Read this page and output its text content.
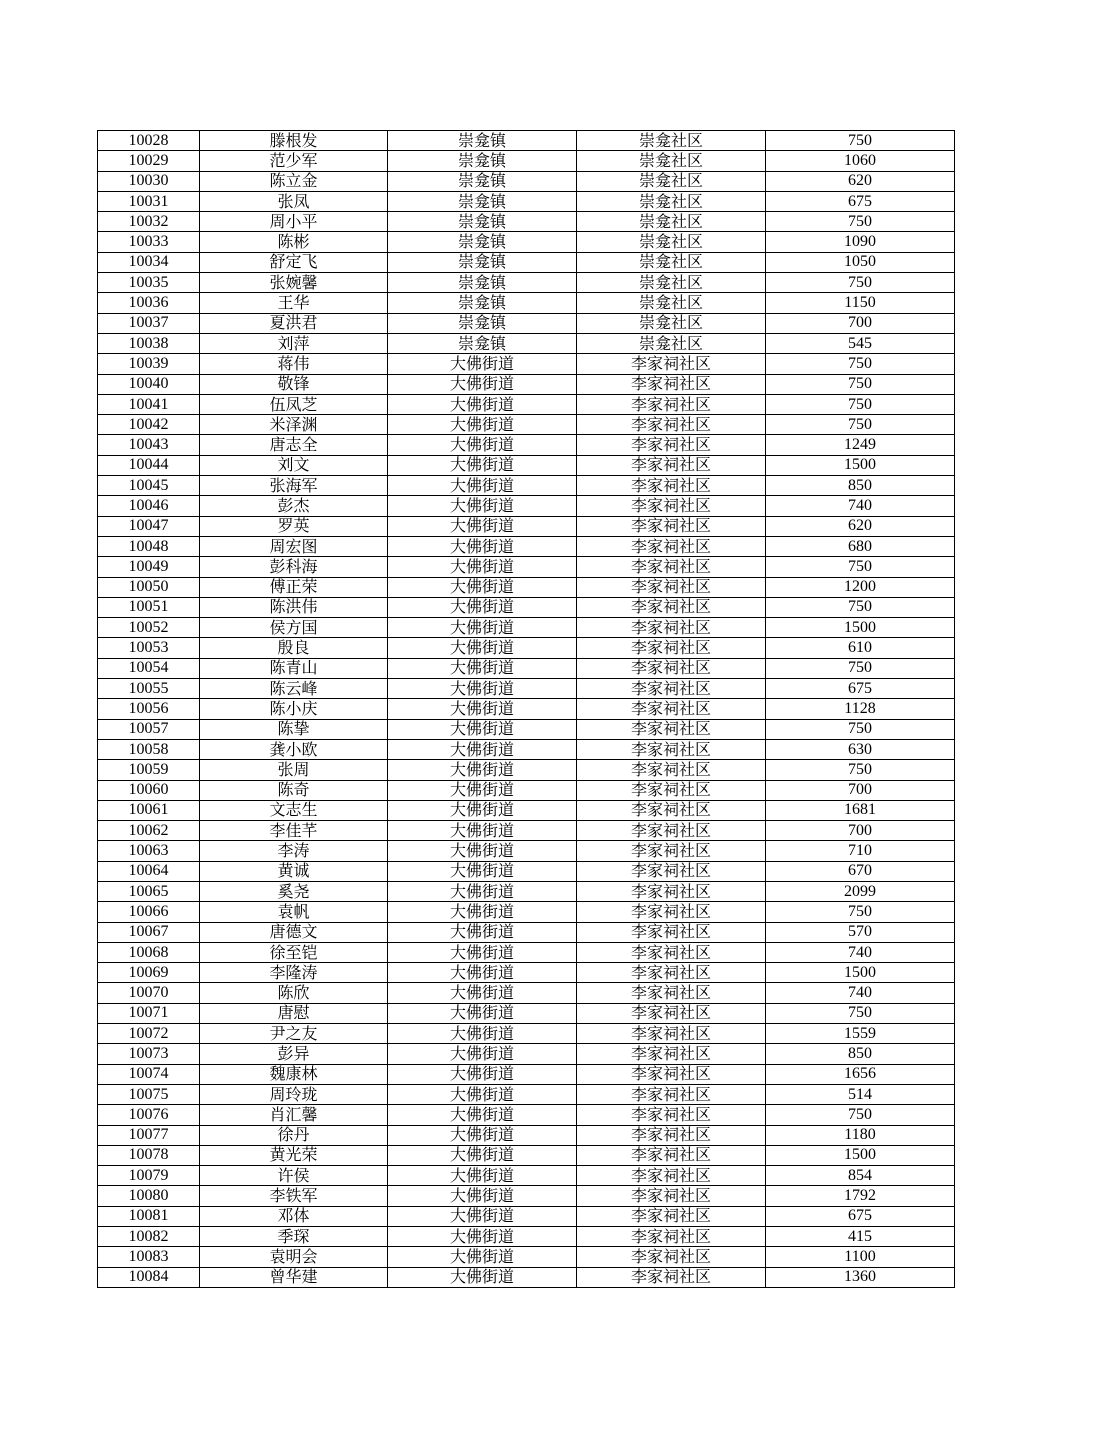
10028	滕根发	崇龛镇	崇龛社区	750
10029	范少军	崇龛镇	崇龛社区	1060
10030	陈立金	崇龛镇	崇龛社区	620
10031	张凤	崇龛镇	崇龛社区	675
10032	周小平	崇龛镇	崇龛社区	750
10033	陈彬	崇龛镇	崇龛社区	1090
10034	舒定飞	崇龛镇	崇龛社区	1050
10035	张婉馨	崇龛镇	崇龛社区	750
10036	王华	崇龛镇	崇龛社区	1150
10037	夏洪君	崇龛镇	崇龛社区	700
10038	刘萍	崇龛镇	崇龛社区	545
10039	蒋伟	大佛街道	李家祠社区	750
10040	敬锋	大佛街道	李家祠社区	750
10041	伍凤芝	大佛街道	李家祠社区	750
10042	米泽渊	大佛街道	李家祠社区	750
10043	唐志全	大佛街道	李家祠社区	1249
10044	刘文	大佛街道	李家祠社区	1500
10045	张海军	大佛街道	李家祠社区	850
10046	彭杰	大佛街道	李家祠社区	740
10047	罗英	大佛街道	李家祠社区	620
10048	周宏图	大佛街道	李家祠社区	680
10049	彭科海	大佛街道	李家祠社区	750
10050	傅正荣	大佛街道	李家祠社区	1200
10051	陈洪伟	大佛街道	李家祠社区	750
10052	侯方国	大佛街道	李家祠社区	1500
10053	殷良	大佛街道	李家祠社区	610
10054	陈青山	大佛街道	李家祠社区	750
10055	陈云峰	大佛街道	李家祠社区	675
10056	陈小庆	大佛街道	李家祠社区	1128
10057	陈挚	大佛街道	李家祠社区	750
10058	龚小欧	大佛街道	李家祠社区	630
10059	张周	大佛街道	李家祠社区	750
10060	陈奇	大佛街道	李家祠社区	700
10061	文志生	大佛街道	李家祠社区	1681
10062	李佳芊	大佛街道	李家祠社区	700
10063	李涛	大佛街道	李家祠社区	710
10064	黄诚	大佛街道	李家祠社区	670
10065	奚尧	大佛街道	李家祠社区	2099
10066	袁帆	大佛街道	李家祠社区	750
10067	唐德文	大佛街道	李家祠社区	570
10068	徐至铠	大佛街道	李家祠社区	740
10069	李隆涛	大佛街道	李家祠社区	1500
10070	陈欣	大佛街道	李家祠社区	740
10071	唐慰	大佛街道	李家祠社区	750
10072	尹之友	大佛街道	李家祠社区	1559
10073	彭异	大佛街道	李家祠社区	850
10074	魏康林	大佛街道	李家祠社区	1656
10075	周玲珑	大佛街道	李家祠社区	514
10076	肖汇馨	大佛街道	李家祠社区	750
10077	徐丹	大佛街道	李家祠社区	1180
10078	黄光荣	大佛街道	李家祠社区	1500
10079	许侯	大佛街道	李家祠社区	854
10080	李铁军	大佛街道	李家祠社区	1792
10081	邓体	大佛街道	李家祠社区	675
10082	季琛	大佛街道	李家祠社区	415
10083	袁明会	大佛街道	李家祠社区	1100
10084	曾华建	大佛街道	李家祠社区	1360
